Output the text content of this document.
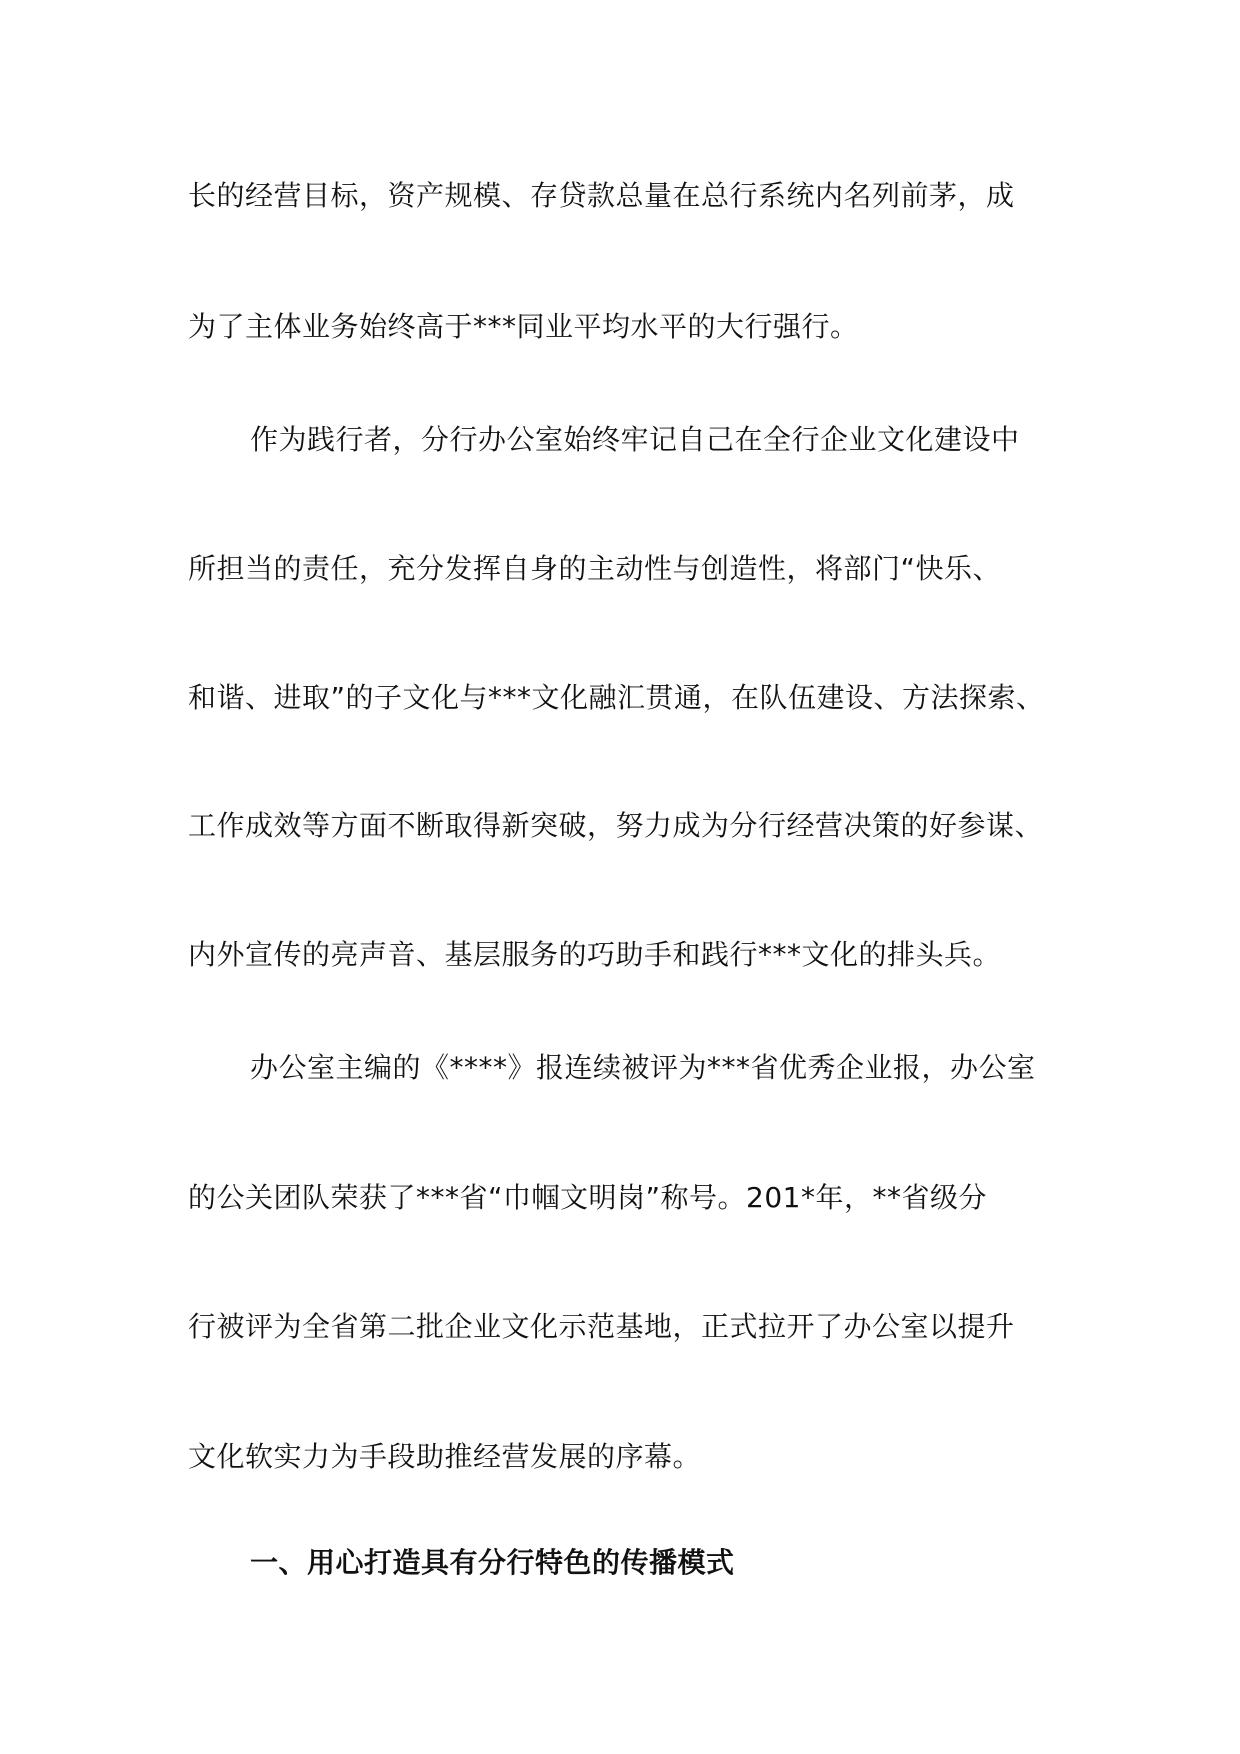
长的经营目标，资产规模、存贷款总量在总行系统内名列前茅，成
为了主体业务始终高于***同业平均水平的大行强行。
作为践行者，分行办公室始终牢记自己在全行企业文化建设中
所担当的责任，充分发挥自身的主动性与创造性，将部门“快乐、
和谐、进取”的子文化与***文化融汇贯通，在队伍建设、方法探索、
工作成效等方面不断取得新突破，努力成为分行经营决策的好参谋、
内外宣传的亮声音、基层服务的巧助手和践行***文化的排头兵。
办公室主编的《****》报连续被评为***省优秀企业报，办公室
的公关团队荣获了***省“巾帼文明岗”称号。201*年，**省级分
行被评为全省第二批企业文化示范基地，正式拉开了办公室以提升
文化软实力为手段助推经营发展的序幕。
一、用心打造具有分行特色的传播模式
